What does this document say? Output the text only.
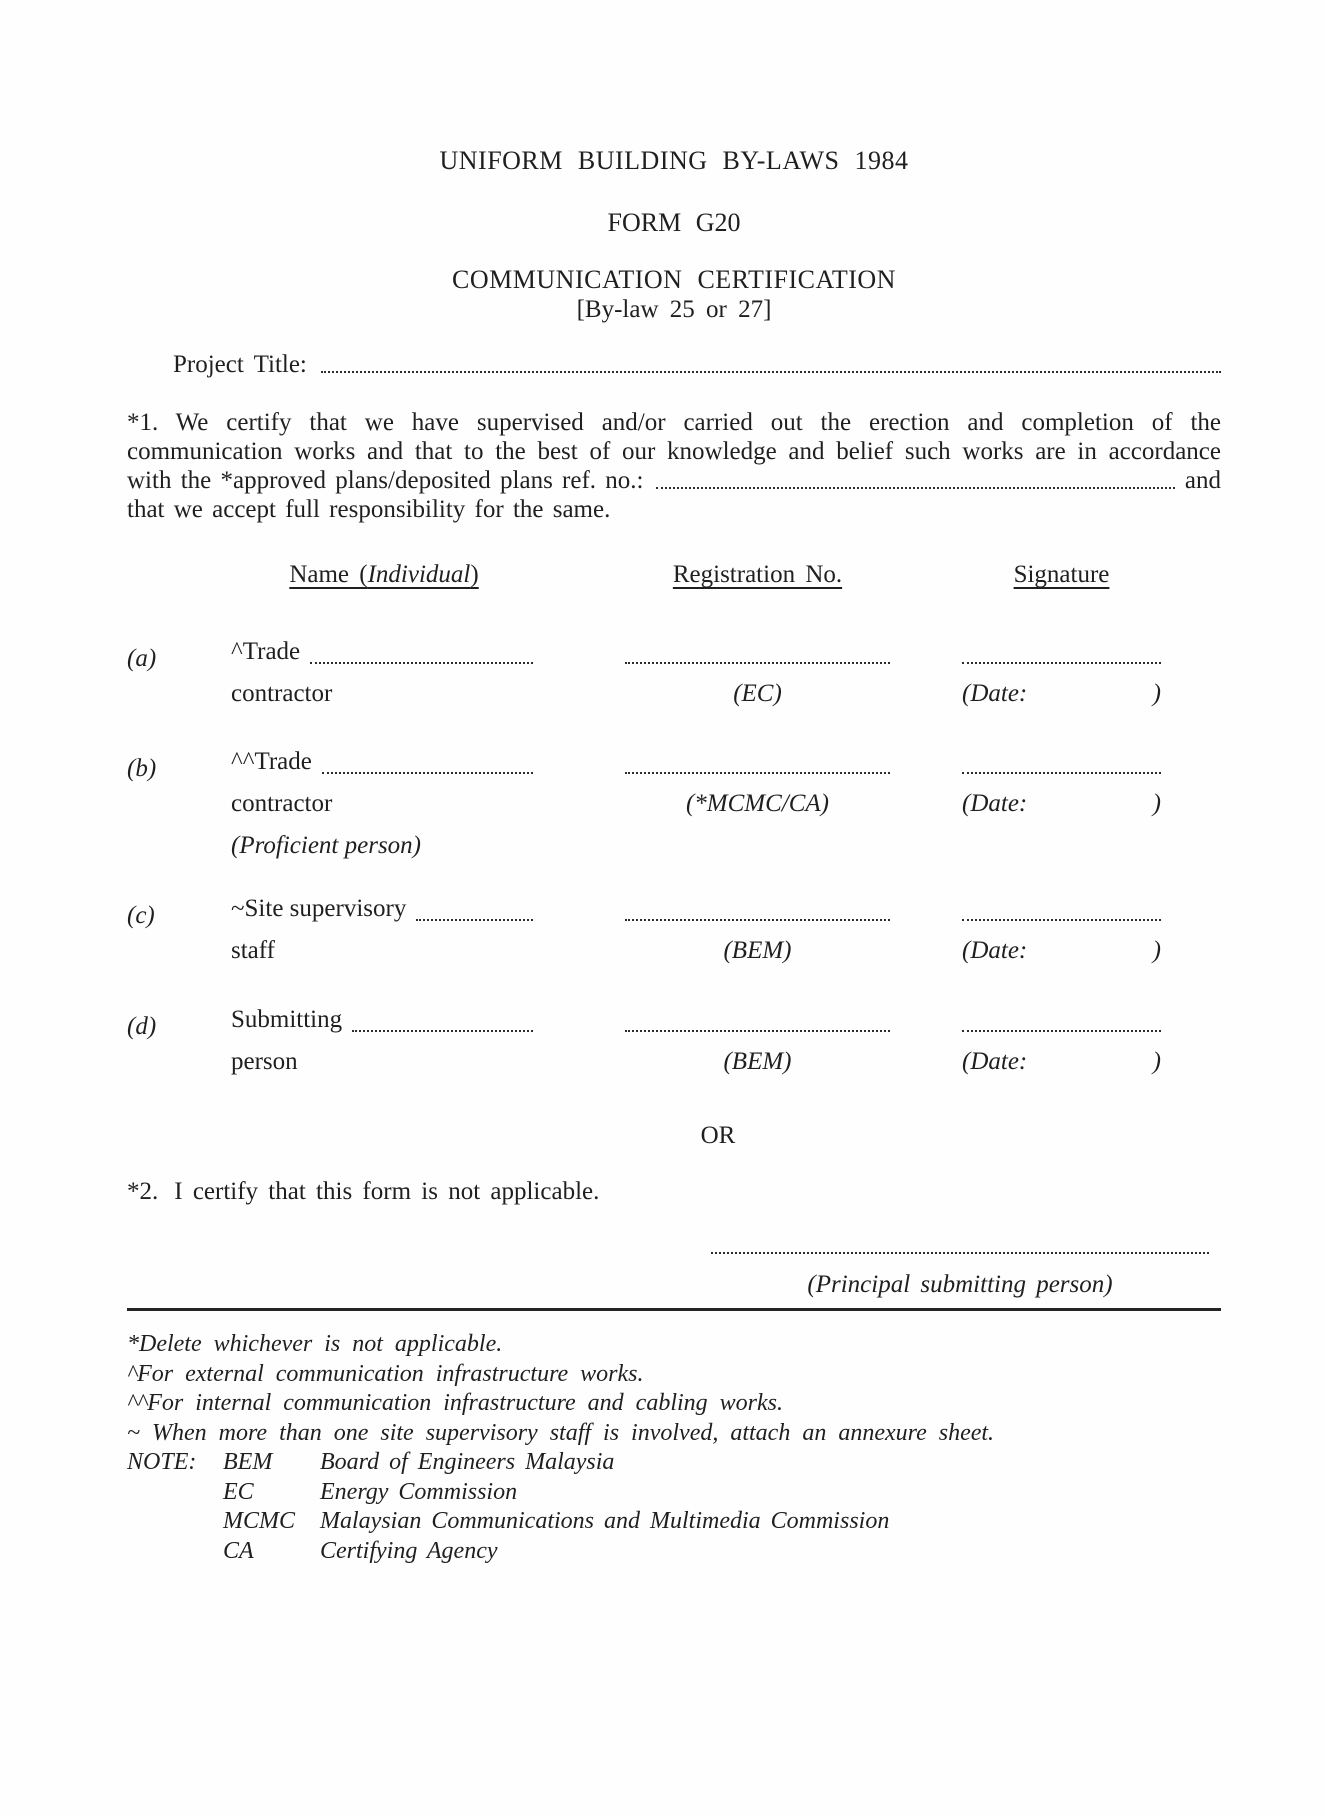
UNIFORM BUILDING BY-LAWS 1984
FORM G20
COMMUNICATION CERTIFICATION
[By-law 25 or 27]
Project Title:
*1. We certify that we have supervised and/or carried out the erection and completion of the
communication works and that to the best of our knowledge and belief such works are in accordance
with the *approved plans/deposited plans ref. no.:	and
that we accept full responsibility for the same.
Name (Individual)	Registration No.	Signature
(a)	^Trade
contractor	(EC)	(Date:	)
(b)	^^Trade
contractor	(*MCMC/CA)	(Date:	)
(Proficient person)
(c)	~Site supervisory
staff	(BEM)	(Date:	)
(d)	Submitting
person	(BEM)	(Date:	)
OR
*2. I certify that this form is not applicable.
(Principal submitting person)
*Delete whichever is not applicable.
^For external communication infrastructure works.
^^For internal communication infrastructure and cabling works.
~ When more than one site supervisory staff is involved, attach an annexure sheet.
NOTE:	BEM	Board of Engineers Malaysia
EC	Energy Commission
MCMC	Malaysian Communications and Multimedia Commission
CA	Certifying Agency
